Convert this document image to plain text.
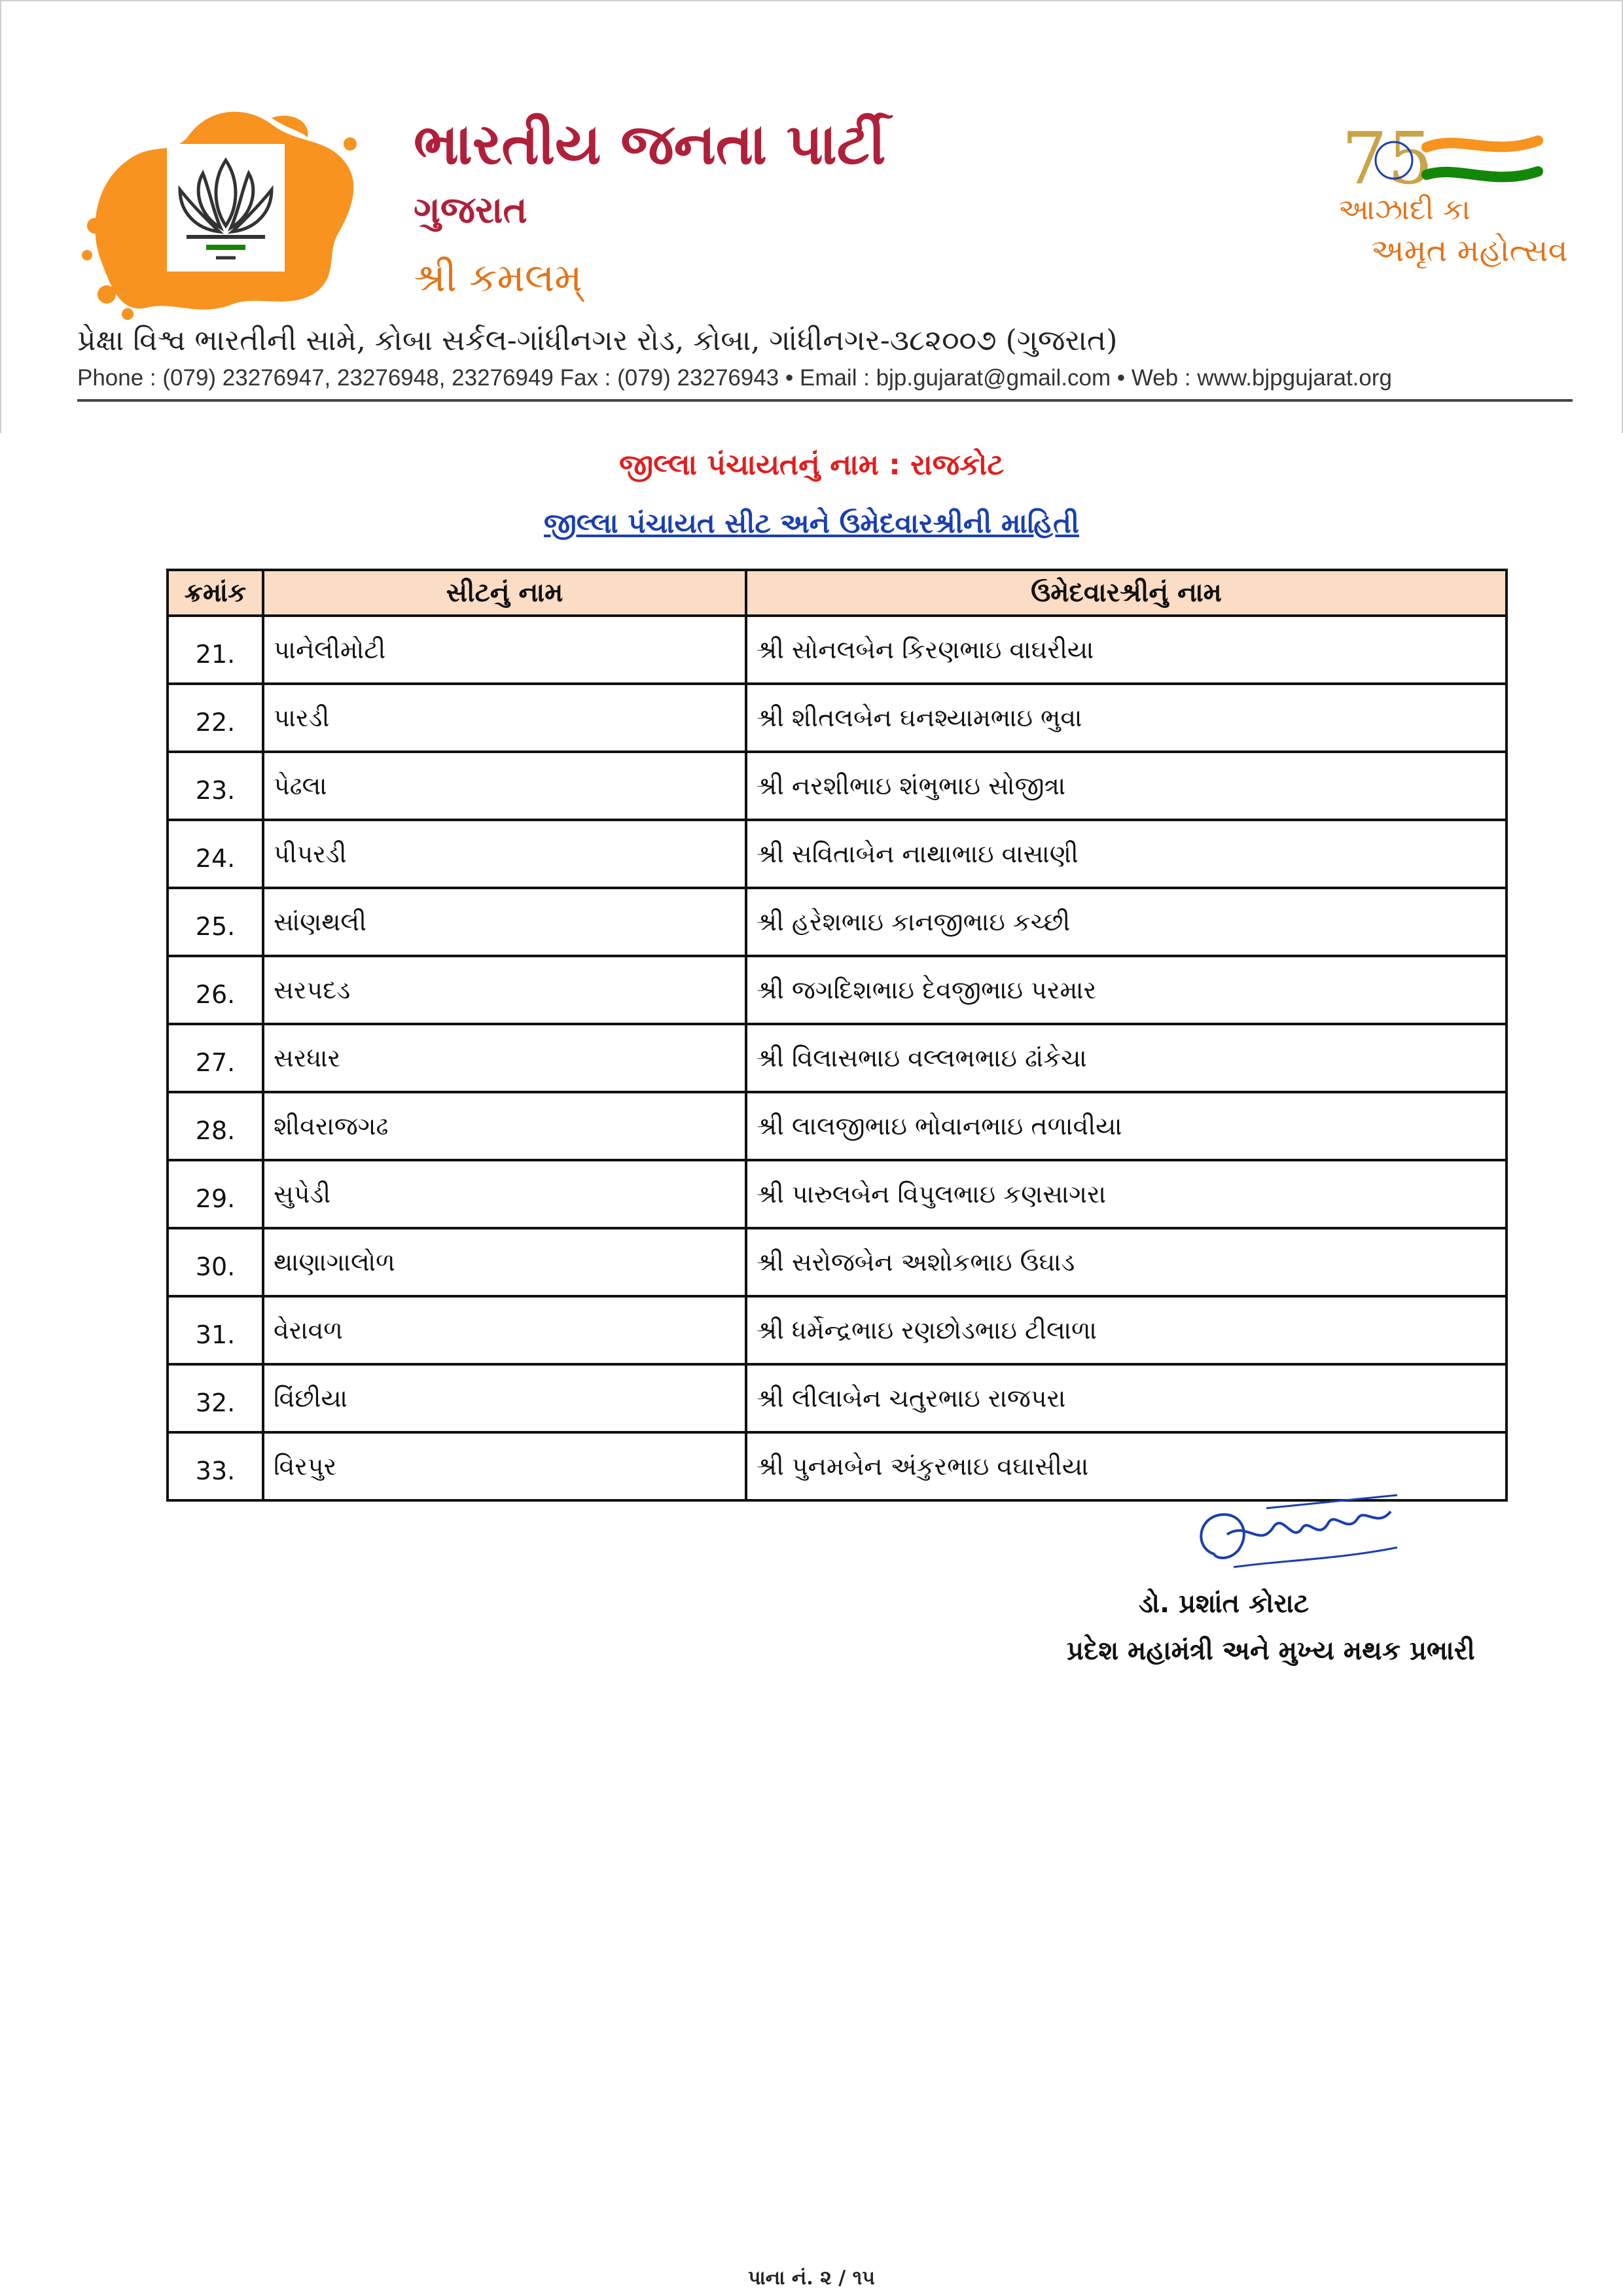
ભારતીય જનતા પાર્ટી
ગુજરાત
શ્રી કમલમ્
75
આઝાદી કા
અમૃત મહોત્સવ
પ્રેક્ષા વિશ્વ ભારતીની સામે, કોબા સર્કલ-ગાંધીનગર રોડ, કોબા, ગાંધીનગર-૩૮૨૦૦૭ (ગુજરાત)
Phone : (079) 23276947, 23276948, 23276949 Fax : (079) 23276943 • Email : bjp.gujarat@gmail.com • Web : www.bjpgujarat.org
જીલ્લા પંચાયતનું નામ : રાજકોટ
જીલ્લા પંચાયત સીટ અને ઉમેદવારશ્રીની માહિતી
ક્રમાંક	સીટનું નામ	ઉમેદવારશ્રીનું નામ
21.	પાનેલીમોટી	શ્રી સોનલબેન કિરણભાઇ વાઘરીયા
22.	પારડી	શ્રી શીતલબેન ઘનશ્યામભાઇ ભુવા
23.	પેઢલા	શ્રી નરશીભાઇ શંભુભાઇ સોજીત્રા
24.	પીપરડી	શ્રી સવિતાબેન નાથાભાઇ વાસાણી
25.	સાંણથલી	શ્રી હરેશભાઇ કાનજીભાઇ કચ્છી
26.	સરપદડ	શ્રી જગદિશભાઇ દેવજીભાઇ પરમાર
27.	સરધાર	શ્રી વિલાસભાઇ વલ્લભભાઇ ઢાંકેચા
28.	શીવરાજગઢ	શ્રી લાલજીભાઇ ભોવાનભાઇ તળાવીયા
29.	સુપેડી	શ્રી પારુલબેન વિપુલભાઇ કણસાગરા
30.	થાણાગાલોળ	શ્રી સરોજબેન અશોકભાઇ ઉઘાડ
31.	વેરાવળ	શ્રી ધર્મેન્દ્રભાઇ રણછોડભાઇ ટીલાળા
32.	વિંછીયા	શ્રી લીલાબેન ચતુરભાઇ રાજપરા
33.	વિરપુર	શ્રી પુનમબેન અંકુરભાઇ વઘાસીયા
ડો. પ્રશાંત કોરાટ
પ્રદેશ મહામંત્રી અને મુખ્ય મથક પ્રભારી
પાના નં. ૨ / ૧૫
